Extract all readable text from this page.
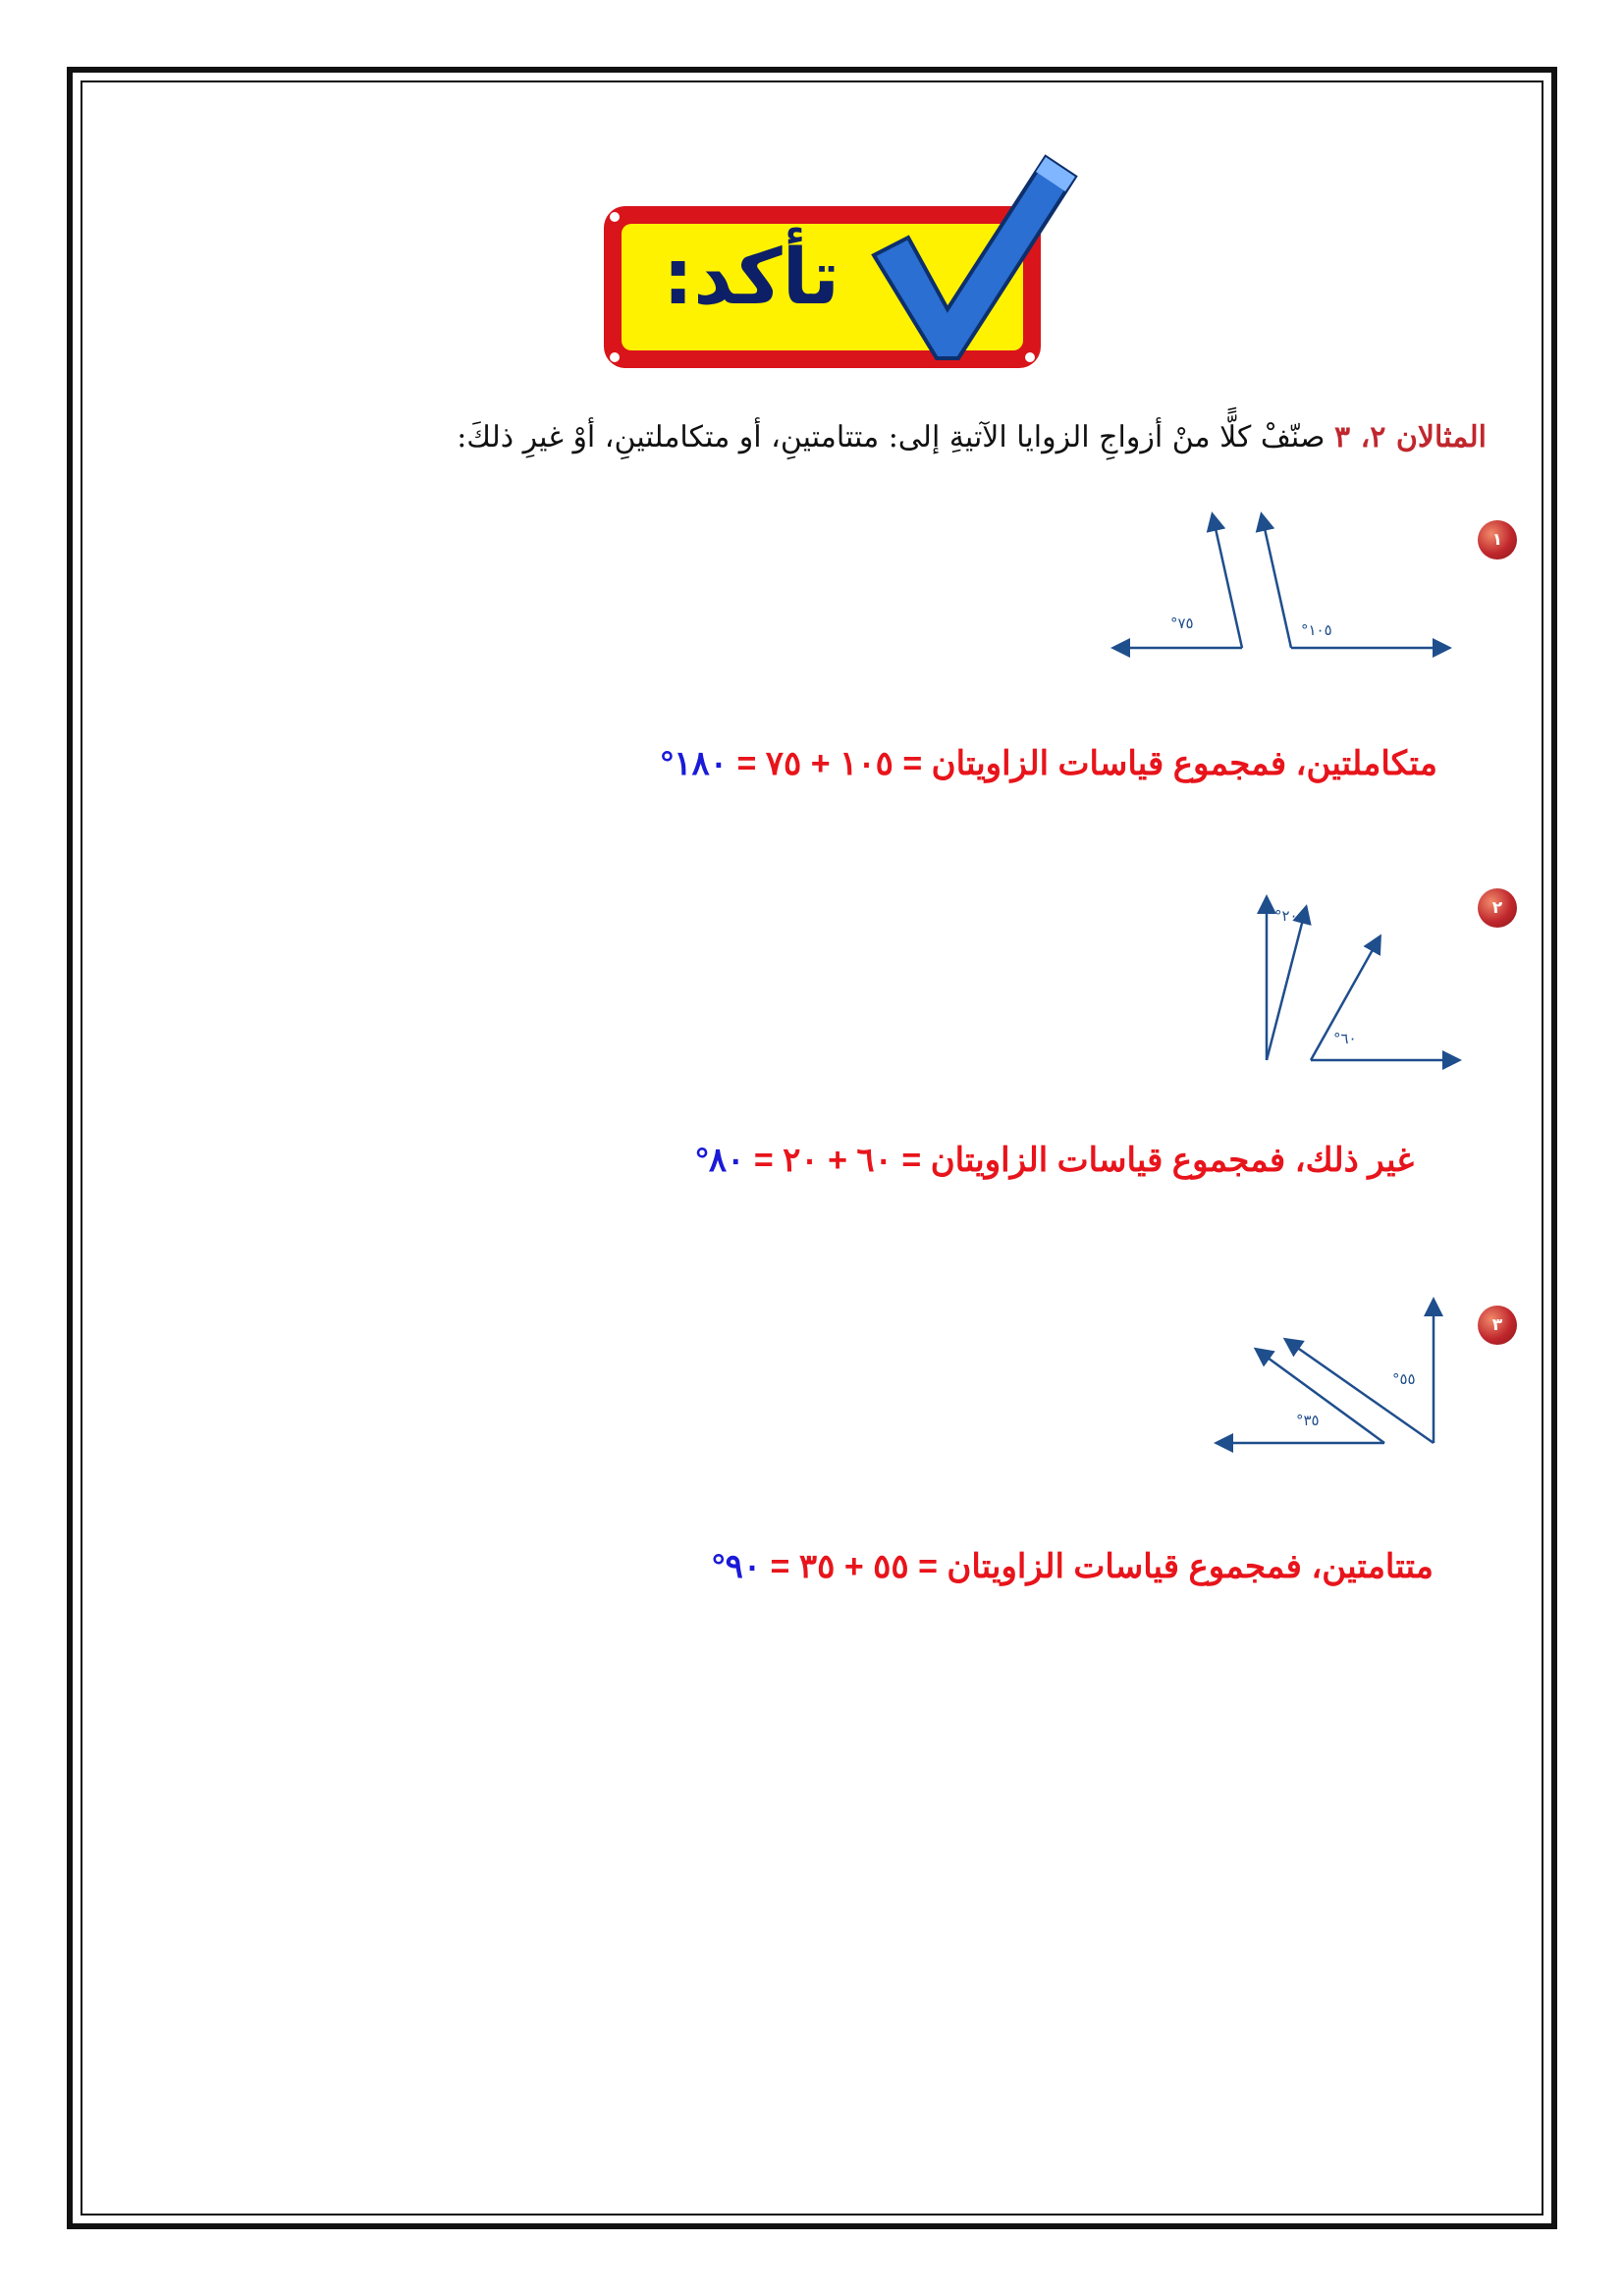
تأكد:
المثالان ٢، ٣ صنّفْ كلًّا منْ أزواجِ الزوايا الآتيةِ إلى: متتامتينِ، أو متكاملتينِ، أوْ غيرِ ذلكَ:
١
°٧٥	°١٠٥
متكاملتين، فمجموع قياسات الزاويتان = ١٠٥ + ٧٥ = ١٨٠°
٢
°٢٠
°٦٠
غير ذلك، فمجموع قياسات الزاويتان = ٦٠ + ٢٠ = ٨٠°
٣
°٥٥
°٣٥
متتامتين، فمجموع قياسات الزاويتان = ٥٥ + ٣٥ = ٩٠°
